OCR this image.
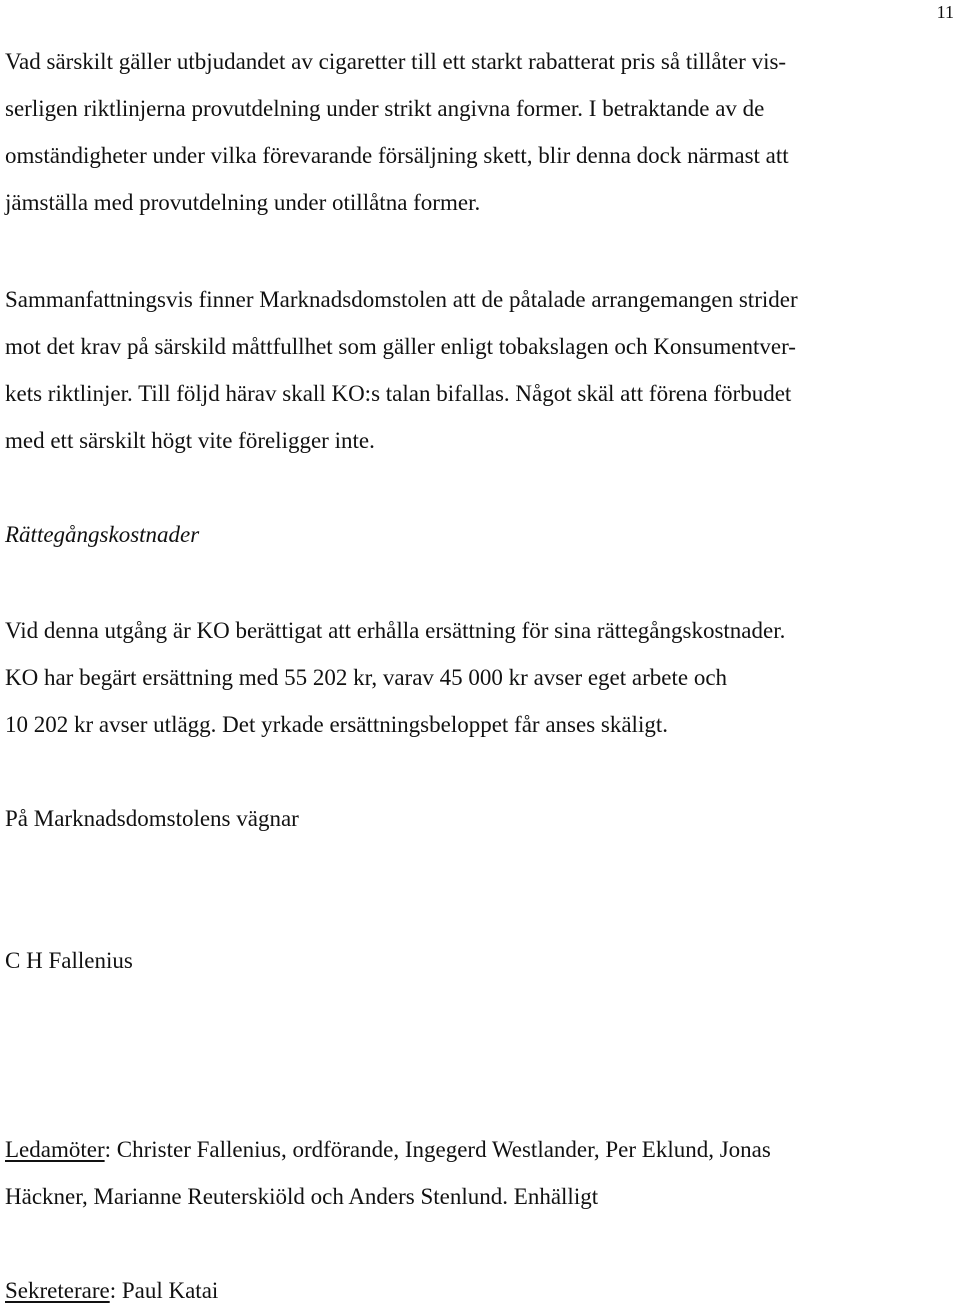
11

Vad särskilt gäller utbjudandet av cigaretter till ett starkt rabatterat pris så tillåter vis-
serligen riktlinjerna provutdelning under strikt angivna former. I betraktande av de
omständigheter under vilka förevarande försäljning skett, blir denna dock närmast att
jämställa med provutdelning under otillåtna former.

Sammanfattningsvis finner Marknadsdomstolen att de påtalade arrangemangen strider
mot det krav på särskild måttfullhet som gäller enligt tobakslagen och Konsumentver-
kets riktlinjer. Till följd härav skall KO:s talan bifallas. Något skäl att förena förbudet
med ett särskilt högt vite föreligger inte.

Rättegångskostnader

Vid denna utgång är KO berättigat att erhålla ersättning för sina rättegångskostnader.
KO har begärt ersättning med 55 202 kr, varav 45 000 kr avser eget arbete och
10 202 kr avser utlägg. Det yrkade ersättningsbeloppet får anses skäligt.

På Marknadsdomstolens vägnar

C H Fallenius

Ledamöter: Christer Fallenius, ordförande, Ingegerd Westlander, Per Eklund, Jonas
Häckner, Marianne Reuterskiöld och Anders Stenlund. Enhälligt

Sekreterare: Paul Katai
